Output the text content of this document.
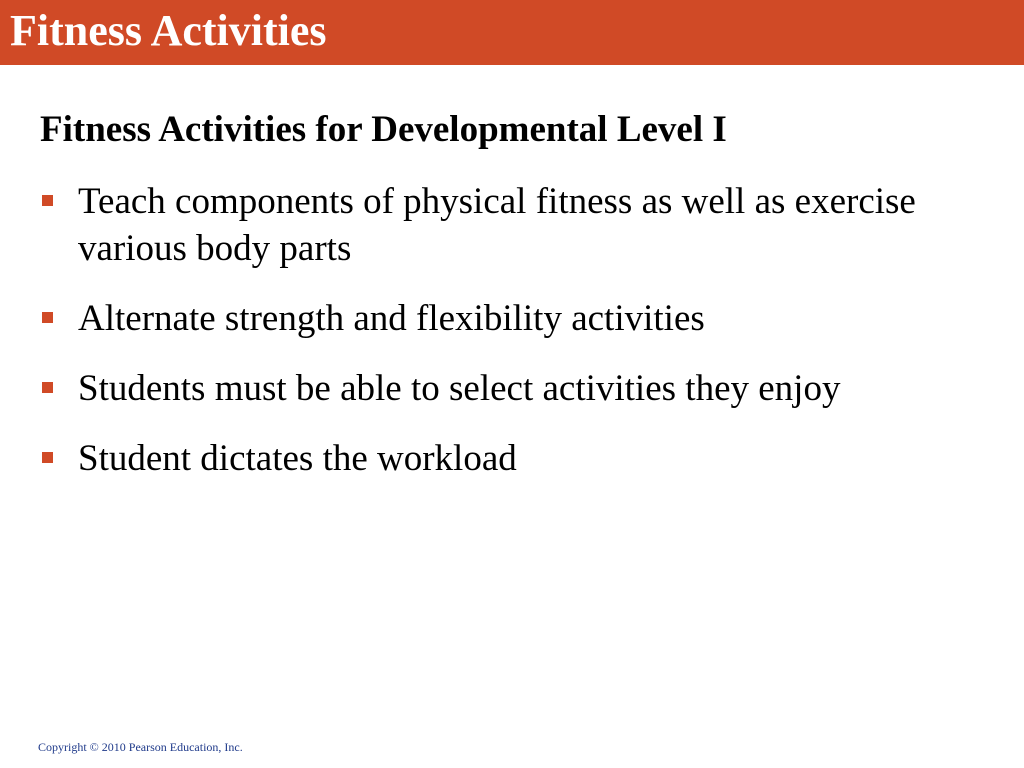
Fitness Activities
Fitness Activities for Developmental Level I
Teach components of physical fitness as well as exercise various body parts
Alternate strength and flexibility activities
Students must be able to select activities they enjoy
Student dictates the workload
Copyright © 2010 Pearson Education, Inc.
